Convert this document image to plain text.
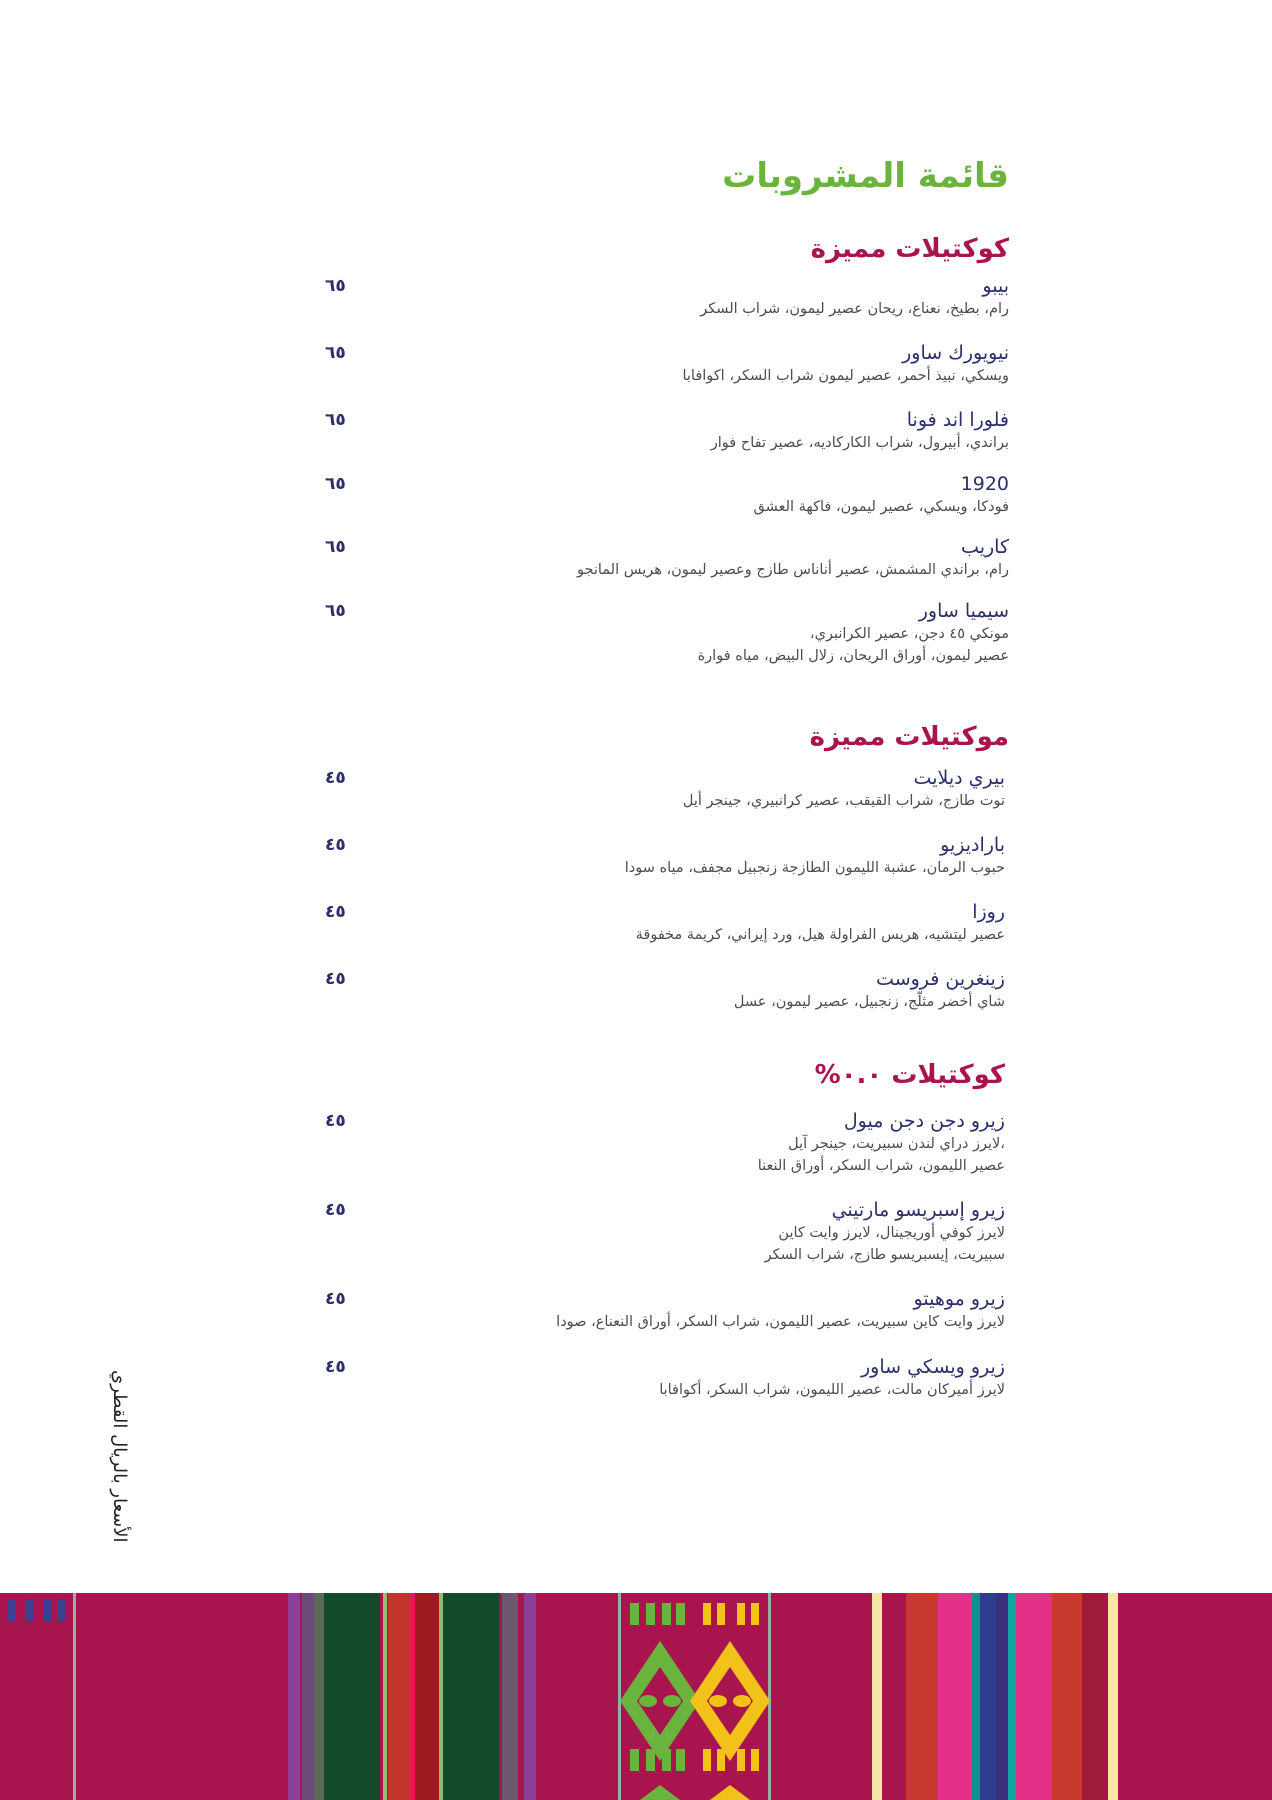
قائمة المشروبات
كوكتيلات مميزة
بيبو
رام، بطيخ، نعناع، ريحان عصير ليمون، شراب السكر
٦٥
نيويورك ساور
ويسكي، نبيذ أحمر، عصير ليمون شراب السكر، اكوافابا
٦٥
فلورا اند فونا
براندي، أبيرول، شراب الكاركاديه، عصير تفاح فوار
٦٥
1920
فودكا، ويسكي، عصير ليمون، فاكهة العشق
٦٥
كاريب
رام، براندي المشمش، عصير أناناس طازج وعصير ليمون، هريس المانجو
٦٥
سيميا ساور
مونكي ٤٥ دجن، عصير الكرانبري،
عصير ليمون، أوراق الريحان، زلال البيض، مياه فوارة
٦٥
موكتيلات مميزة
بيري ديلايت
توت طازج، شراب القيقب، عصير كرانبيري، جينجر أيل
٤٥
باراديزيو
حبوب الرمان، عشبة الليمون الطازجة زنجبيل مجفف، مياه سودا
٤٥
روزا
عصير ليتشيه، هريس الفراولة هيل، ورد إيراني، كريمة مخفوقة
٤٥
زينغرين فروست
شاي أخضر مثلّج، زنجبيل، عصير ليمون، عسل
٤٥
كوكتيلات ٠.٠%
زيرو دجن دجن ميول
،لايرز دراي لندن سبيريت، جينجر آيل
عصير الليمون، شراب السكر، أوراق النعنا
٤٥
زيرو إسبريسو مارتيني
لايرز كوفي أوريجينال، لايرز وايت كاين
سبيريت، إيسبريسو طازج، شراب السكر
٤٥
زيرو موهيتو
لايرز وايت كاين سبيريت، عصير الليمون، شراب السكر، أوراق النعناع، صودا
٤٥
زيرو ويسكي ساور
لايرز أميركان مالت، عصير الليمون، شراب السكر، أكوافابا
٤٥
الأسعار بالريال القطري
